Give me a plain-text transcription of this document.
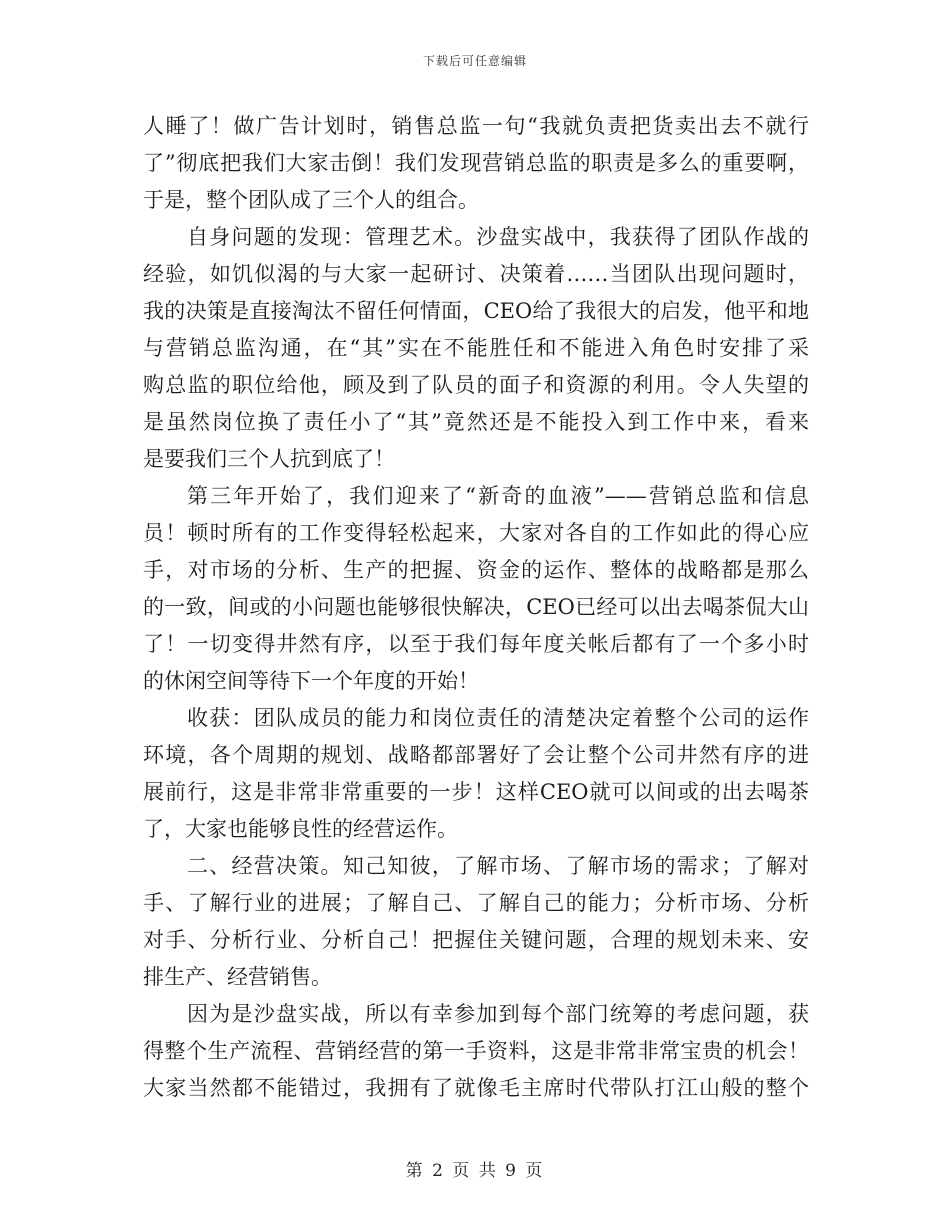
下载后可任意编辑
人睡了！做广告计划时，销售总监一句“我就负责把货卖出去不就行
了”彻底把我们大家击倒！我们发现营销总监的职责是多么的重要啊，
于是，整个团队成了三个人的组合。
自身问题的发现：管理艺术。沙盘实战中，我获得了团队作战的
经验，如饥似渴的与大家一起研讨、决策着……当团队出现问题时，
我的决策是直接淘汰不留任何情面，CEO给了我很大的启发，他平和地
与营销总监沟通，在“其”实在不能胜任和不能进入角色时安排了采
购总监的职位给他，顾及到了队员的面子和资源的利用。令人失望的
是虽然岗位换了责任小了“其”竟然还是不能投入到工作中来，看来
是要我们三个人抗到底了！
第三年开始了，我们迎来了“新奇的血液”——营销总监和信息
员！顿时所有的工作变得轻松起来，大家对各自的工作如此的得心应
手，对市场的分析、生产的把握、资金的运作、整体的战略都是那么
的一致，间或的小问题也能够很快解决，CEO已经可以出去喝茶侃大山
了！一切变得井然有序，以至于我们每年度关帐后都有了一个多小时
的休闲空间等待下一个年度的开始！
收获：团队成员的能力和岗位责任的清楚决定着整个公司的运作
环境，各个周期的规划、战略都部署好了会让整个公司井然有序的进
展前行，这是非常非常重要的一步！这样CEO就可以间或的出去喝茶
了，大家也能够良性的经营运作。
二、经营决策。知己知彼，了解市场、了解市场的需求；了解对
手、了解行业的进展；了解自己、了解自己的能力；分析市场、分析
对手、分析行业、分析自己！把握住关键问题，合理的规划未来、安
排生产、经营销售。
因为是沙盘实战，所以有幸参加到每个部门统筹的考虑问题，获
得整个生产流程、营销经营的第一手资料，这是非常非常宝贵的机会！
大家当然都不能错过，我拥有了就像毛主席时代带队打江山般的整个
第 2 页 共 9 页
